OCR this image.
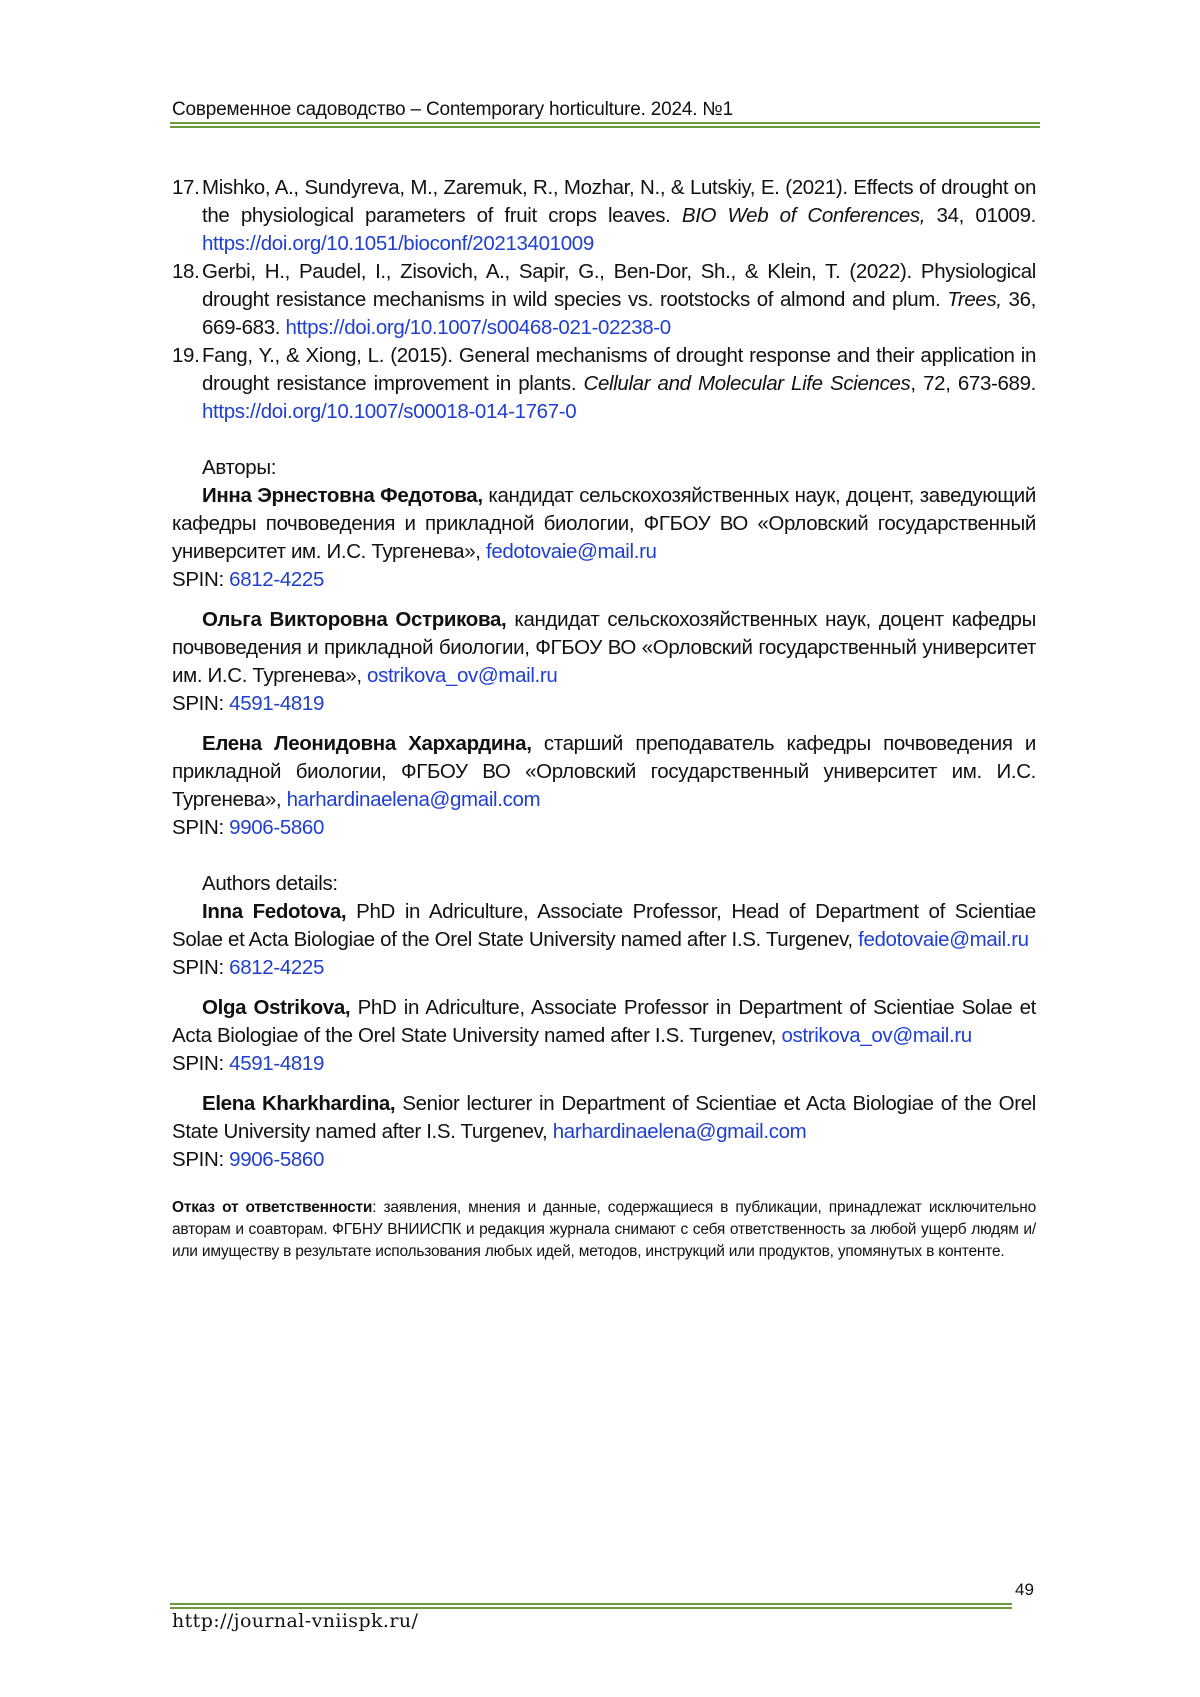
Современное садоводство – Contemporary horticulture. 2024. №1
17. Mishko, A., Sundyreva, M., Zaremuk, R., Mozhar, N., & Lutskiy, E. (2021). Effects of drought on the physiological parameters of fruit crops leaves. BIO Web of Conferences, 34, 01009. https://doi.org/10.1051/bioconf/20213401009
18. Gerbi, H., Paudel, I., Zisovich, A., Sapir, G., Ben-Dor, Sh., & Klein, T. (2022). Physiological drought resistance mechanisms in wild species vs. rootstocks of almond and plum. Trees, 36, 669-683. https://doi.org/10.1007/s00468-021-02238-0
19. Fang, Y., & Xiong, L. (2015). General mechanisms of drought response and their application in drought resistance improvement in plants. Cellular and Molecular Life Sciences, 72, 673-689. https://doi.org/10.1007/s00018-014-1767-0

Авторы:

Инна Эрнестовна Федотова, кандидат сельскохозяйственных наук, доцент, заведующий кафедры почвоведения и прикладной биологии, ФГБОУ ВО «Орловский государственный университет им. И.С. Тургенева», fedotovaie@mail.ru

SPIN: 6812-4225

Ольга Викторовна Острикова, кандидат сельскохозяйственных наук, доцент кафедры почвоведения и прикладной биологии, ФГБОУ ВО «Орловский государственный университет им. И.С. Тургенева», ostrikova_ov@mail.ru

SPIN: 4591-4819

Елена Леонидовна Хархардина, старший преподаватель кафедры почвоведения и прикладной биологии, ФГБОУ ВО «Орловский государственный университет им. И.С. Тургенева», harhardinaelena@gmail.com

SPIN: 9906-5860

Authors details:

Inna Fedotova, PhD in Adriculture, Associate Professor, Head of Department of Scientiae Solae et Acta Biologiae of the Orel State University named after I.S. Turgenev, fedotovaie@mail.ru

SPIN: 6812-4225

Olga Ostrikova, PhD in Adriculture, Associate Professor in Department of Scientiae Solae et Acta Biologiae of the Orel State University named after I.S. Turgenev, ostrikova_ov@mail.ru

SPIN: 4591-4819

Elena Kharkhardina, Senior lecturer in Department of Scientiae et Acta Biologiae of the Orel State University named after I.S. Turgenev, harhardinaelena@gmail.com

SPIN: 9906-5860

Отказ от ответственности: заявления, мнения и данные, содержащиеся в публикации, принадлежат исключительно авторам и соавторам. ФГБНУ ВНИИСПК и редакция журнала снимают с себя ответственность за любой ущерб людям и/или имуществу в результате использования любых идей, методов, инструкций или продуктов, упомянутых в контенте.
49
http://journal-vniispk.ru/
